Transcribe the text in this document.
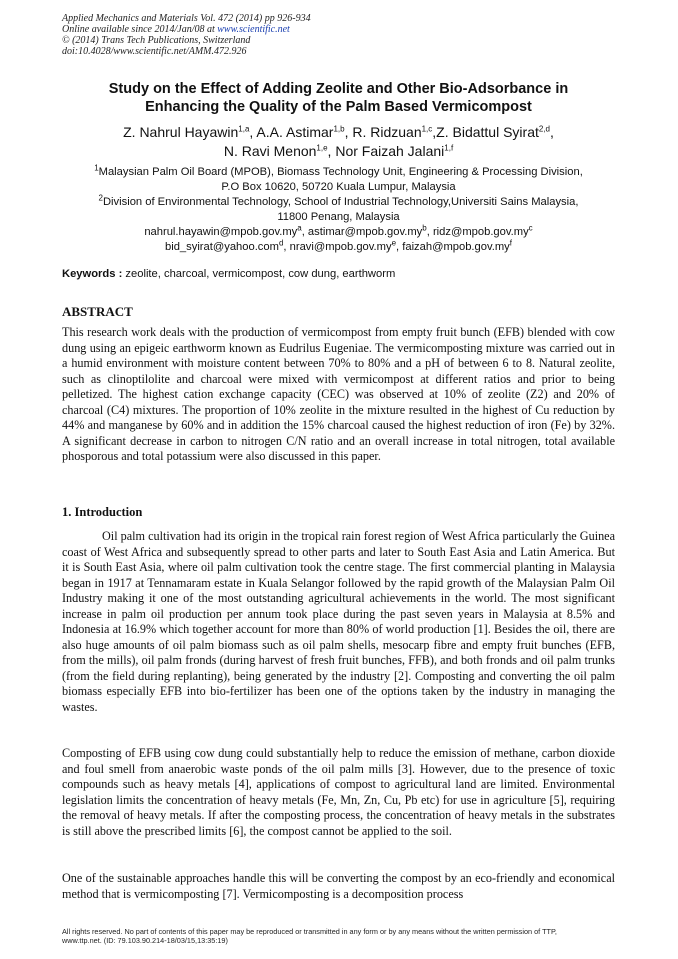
Applied Mechanics and Materials Vol. 472 (2014) pp 926-934
Online available since 2014/Jan/08 at www.scientific.net
© (2014) Trans Tech Publications, Switzerland
doi:10.4028/www.scientific.net/AMM.472.926
Study on the Effect of Adding Zeolite and Other Bio-Adsorbance in
Enhancing the Quality of the Palm Based Vermicompost
Z. Nahrul Hayawin$^{1,a}$, A.A. Astimar$^{1,b}$, R. Ridzuan$^{1,c}$,Z. Bidattul Syirat$^{2,d}$,
N. Ravi Menon$^{1,e}$, Nor Faizah Jalani$^{1,f}$
$^1$Malaysian Palm Oil Board (MPOB), Biomass Technology Unit, Engineering & Processing Division,
P.O Box 10620, 50720 Kuala Lumpur, Malaysia
$^2$Division of Environmental Technology, School of Industrial Technology,Universiti Sains Malaysia,
11800 Penang, Malaysia
$nahrul.hayawin@mpob.gov.my^a$, $astimar@mpob.gov.my^b$, $ridz@mpob.gov.my^c$
bid_syirat@yahoo.com$^d$, $nravi@mpob.gov.my^e$, $faizah@mpob.gov.my^f$
Keywords : zeolite, charcoal, vermicompost, cow dung, earthworm
ABSTRACT

This research work deals with the production of vermicompost from empty fruit bunch (EFB) blended with cow dung using an epigeic earthworm known as Eudrilus Eugeniae. The vermicomposting mixture was carried out in a humid environment with moisture content between 70% to 80% and a pH of between 6 to 8. Natural zeolite, such as clinoptilolite and charcoal were mixed with vermicompost at different ratios and prior to being pelletized. The highest cation exchange capacity (CEC) was observed at 10% of zeolite (Z2) and 20% of charcoal (C4) mixtures. The proportion of 10% zeolite in the mixture resulted in the highest of Cu reduction by 44% and manganese by 60% and in addition the 15% charcoal caused the highest reduction of iron (Fe) by 32%. A significant decrease in carbon to nitrogen C/N ratio and an overall increase in total nitrogen, total available phosporous and total potassium were also discussed in this paper.

1. Introduction

Oil palm cultivation had its origin in the tropical rain forest region of West Africa particularly the Guinea coast of West Africa and subsequently spread to other parts and later to South East Asia and Latin America. But it is South East Asia, where oil palm cultivation took the centre stage. The first commercial planting in Malaysia began in 1917 at Tennamaram estate in Kuala Selangor followed by the rapid growth of the Malaysian Palm Oil Industry making it one of the most outstanding agricultural achievements in the world. The most significant increase in palm oil production per annum took place during the past seven years in Malaysia at 8.5% and Indonesia at 16.9% which together account for more than 80% of world production [1]. Besides the oil, there are also huge amounts of oil palm biomass such as oil palm shells, mesocarp fibre and empty fruit bunches (EFB, from the mills), oil palm fronds (during harvest of fresh fruit bunches, FFB), and both fronds and oil palm trunks (from the field during replanting), being generated by the industry [2]. Composting and converting the oil palm biomass especially EFB into bio-fertilizer has been one of the options taken by the industry in managing the wastes.

Composting of EFB using cow dung could substantially help to reduce the emission of methane, carbon dioxide and foul smell from anaerobic waste ponds of the oil palm mills [3]. However, due to the presence of toxic compounds such as heavy metals [4], applications of compost to agricultural land are limited. Environmental legislation limits the concentration of heavy metals (Fe, Mn, Zn, Cu, Pb etc) for use in agriculture [5], requiring the removal of heavy metals. If after the composting process, the concentration of heavy metals in the substrates is still above the prescribed limits [6], the compost cannot be applied to the soil.

One of the sustainable approaches handle this will be converting the compost by an eco-friendly and economical method that is vermicomposting [7]. Vermicomposting is a decomposition process

All rights reserved. No part of contents of this paper may be reproduced or transmitted in any form or by any means without the written permission of TTP,
www.ttp.net. (ID: 79.103.90.214-18/03/15,13:35:19)
